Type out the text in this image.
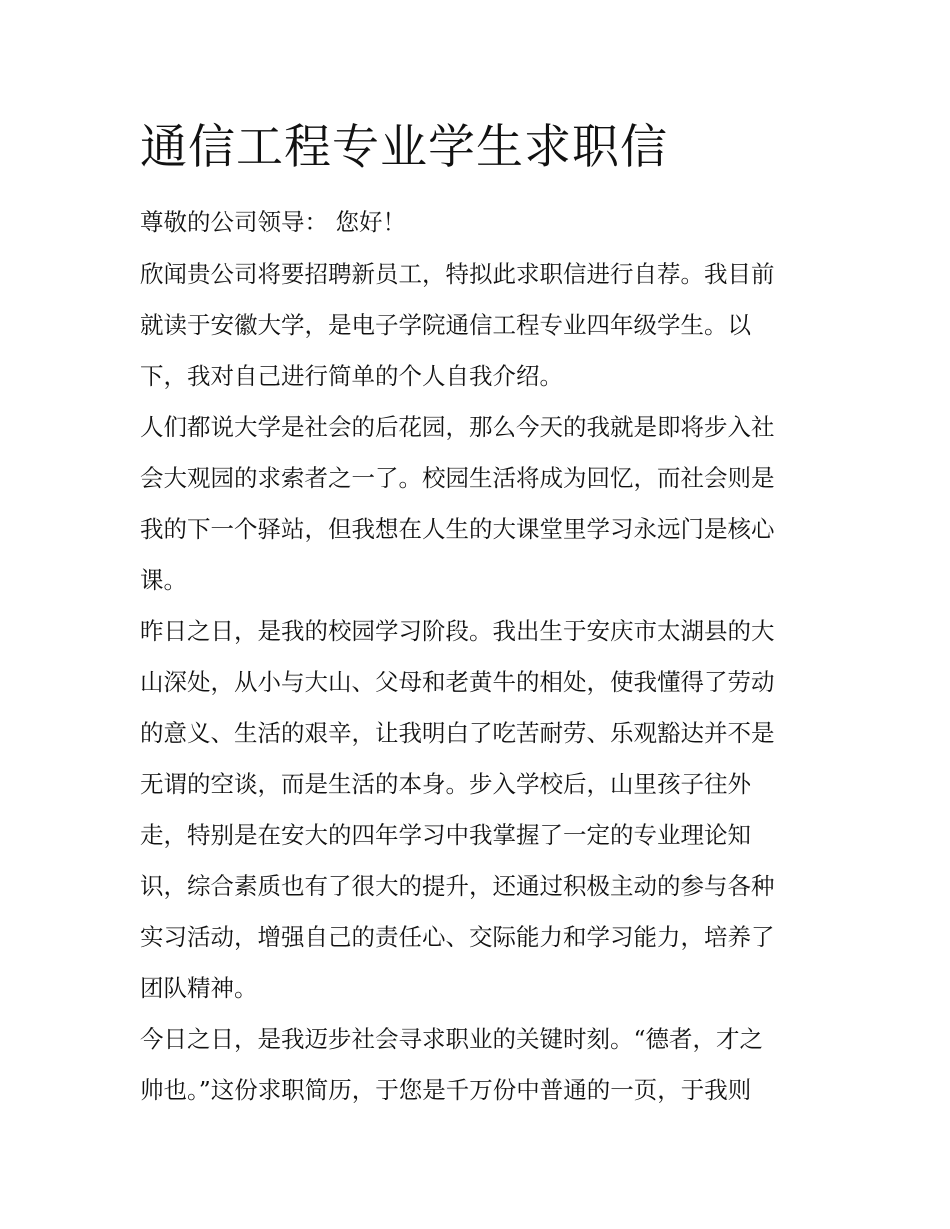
通信工程专业学生求职信

尊敬的公司领导： 您好！

欣闻贵公司将要招聘新员工，特拟此求职信进行自荐。我目前

就读于安徽大学，是电子学院通信工程专业四年级学生。以

下，我对自己进行简单的个人自我介绍。

人们都说大学是社会的后花园，那么今天的我就是即将步入社

会大观园的求索者之一了。校园生活将成为回忆，而社会则是

我的下一个驿站，但我想在人生的大课堂里学习永远门是核心

课。

昨日之日，是我的校园学习阶段。我出生于安庆市太湖县的大

山深处，从小与大山、父母和老黄牛的相处，使我懂得了劳动

的意义、生活的艰辛，让我明白了吃苦耐劳、乐观豁达并不是

无谓的空谈，而是生活的本身。步入学校后，山里孩子往外

走，特别是在安大的四年学习中我掌握了一定的专业理论知

识，综合素质也有了很大的提升，还通过积极主动的参与各种

实习活动，增强自己的责任心、交际能力和学习能力，培养了

团队精神。

今日之日，是我迈步社会寻求职业的关键时刻。“德者，才之

帅也。”这份求职简历，于您是千万份中普通的一页，于我则
